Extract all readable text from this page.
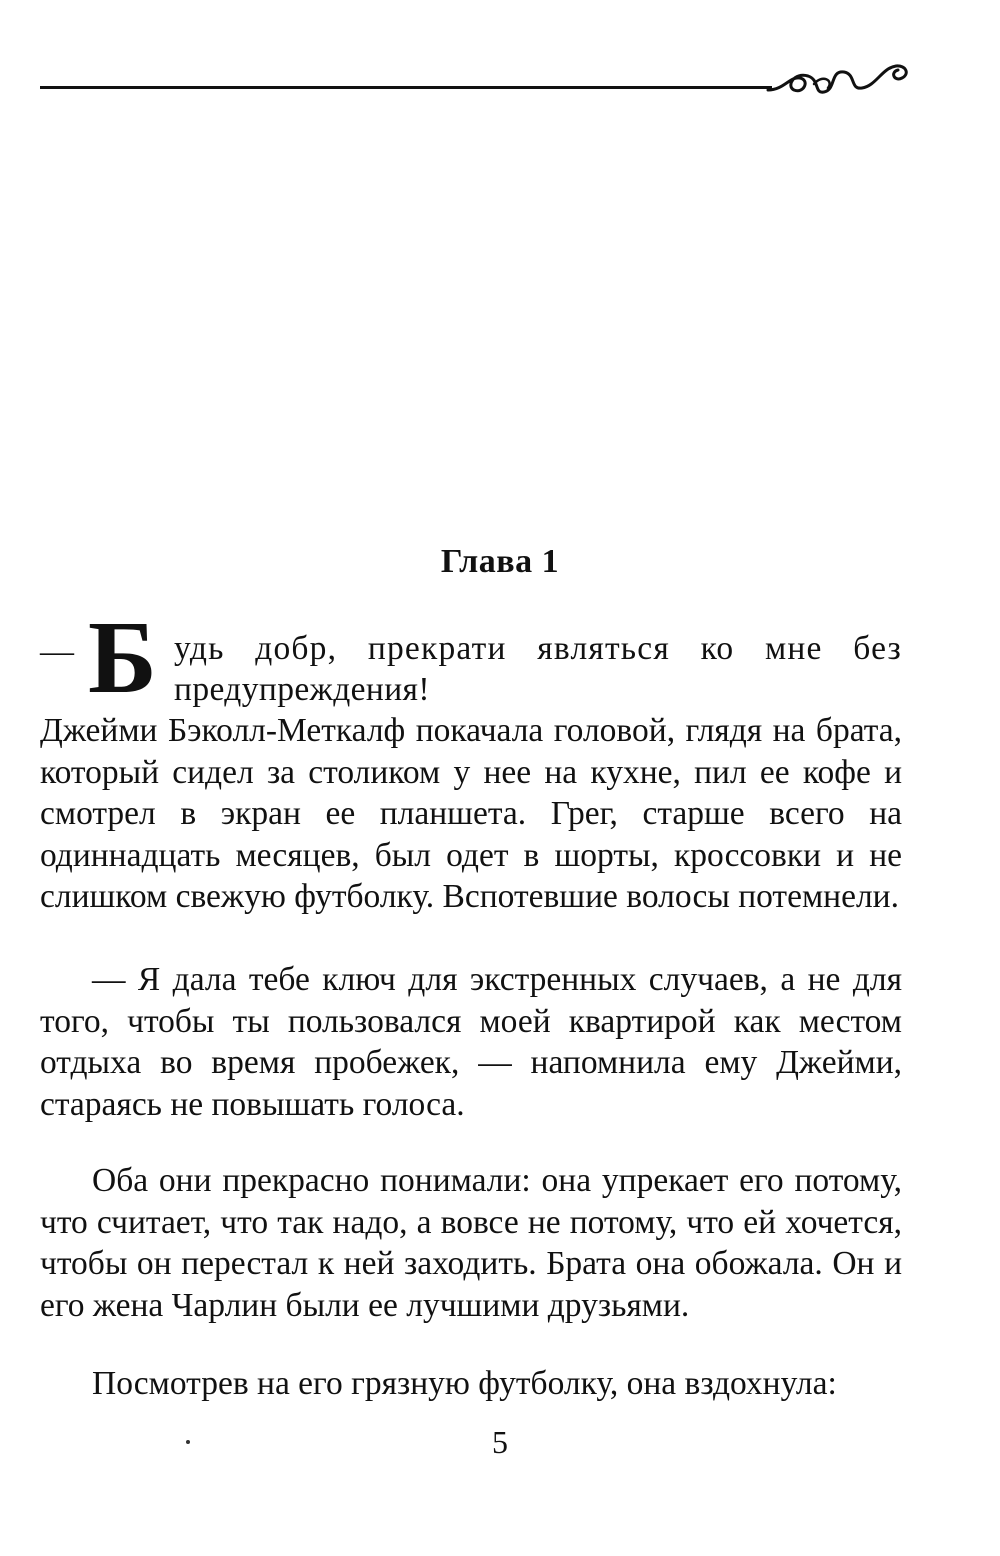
Глава 1
— Б удь добр, прекрати являться ко мне без
предупреждения!

Джейми Бэколл-Меткалф покачала головой, глядя на брата, который сидел за столиком у нее на кухне, пил ее кофе и смотрел в экран ее планшета. Грег, старше всего на одиннадцать месяцев, был одет в шорты, кроссовки и не слишком свежую футболку. Вспотевшие волосы потемнели.

— Я дала тебе ключ для экстренных случаев, а не для того, чтобы ты пользовался моей квартирой как местом отдыха во время пробежек, — напомнила ему Джейми, стараясь не повышать голоса.

Оба они прекрасно понимали: она упрекает его потому, что считает, что так надо, а вовсе не потому, что ей хочется, чтобы он перестал к ней заходить. Брата она обожала. Он и его жена Чарлин были ее лучшими друзьями.

Посмотрев на его грязную футболку, она вздохнула:

5
